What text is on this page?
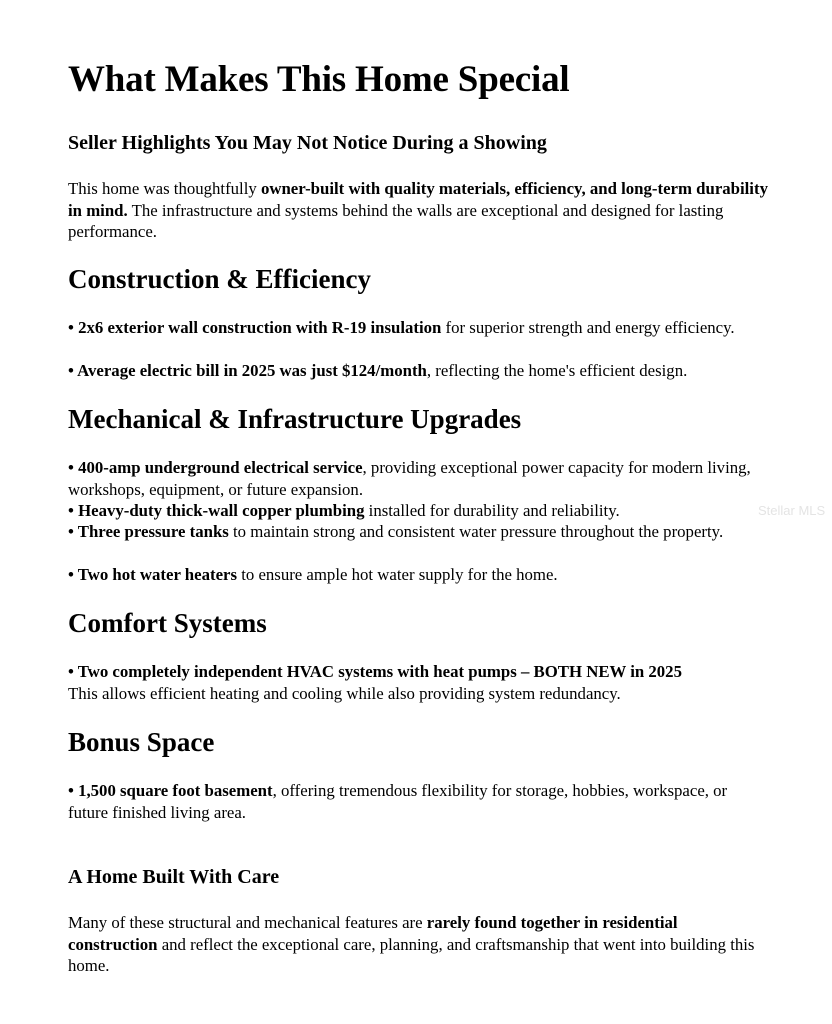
What Makes This Home Special
Seller Highlights You May Not Notice During a Showing

This home was thoughtfully owner-built with quality materials, efficiency, and long-term durability in mind. The infrastructure and systems behind the walls are exceptional and designed for lasting performance.

Construction & Efficiency

• 2x6 exterior wall construction with R-19 insulation for superior strength and energy efficiency.

• Average electric bill in 2025 was just $124/month, reflecting the home's efficient design.

Mechanical & Infrastructure Upgrades

• 400-amp underground electrical service, providing exceptional power capacity for modern living, workshops, equipment, or future expansion.

• Heavy-duty thick-wall copper plumbing installed for durability and reliability.

• Three pressure tanks to maintain strong and consistent water pressure throughout the property.

• Two hot water heaters to ensure ample hot water supply for the home.

Comfort Systems

• Two completely independent HVAC systems with heat pumps – BOTH NEW in 2025

This allows efficient heating and cooling while also providing system redundancy.

Bonus Space

• 1,500 square foot basement, offering tremendous flexibility for storage, hobbies, workspace, or future finished living area.

A Home Built With Care

Many of these structural and mechanical features are rarely found together in residential construction and reflect the exceptional care, planning, and craftsmanship that went into building this home.

Stellar MLS
